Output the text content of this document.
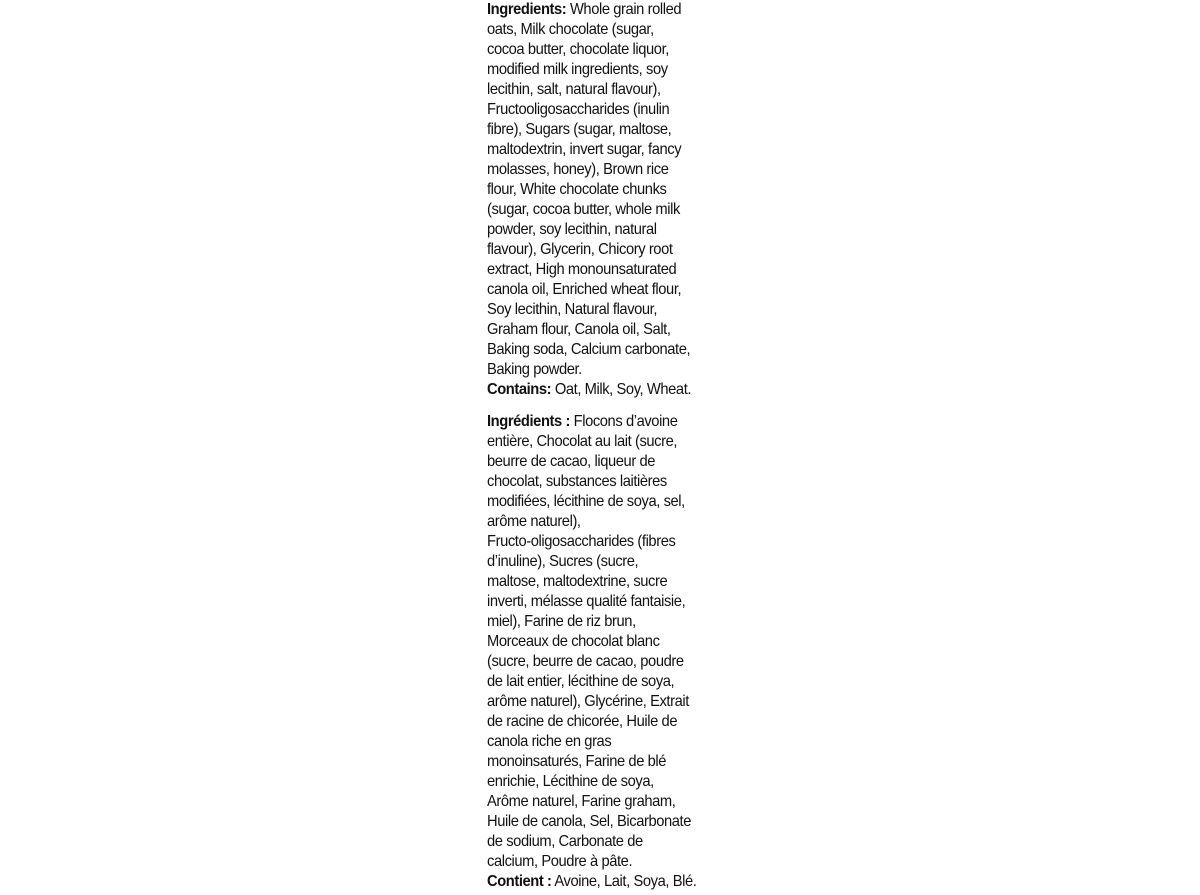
Ingredients: Whole grain rolled
oats, Milk chocolate (sugar,
cocoa butter, chocolate liquor,
modified milk ingredients, soy
lecithin, salt, natural flavour),
Fructooligosaccharides (inulin
fibre), Sugars (sugar, maltose,
maltodextrin, invert sugar, fancy
molasses, honey), Brown rice
flour, White chocolate chunks
(sugar, cocoa butter, whole milk
powder, soy lecithin, natural
flavour), Glycerin, Chicory root
extract, High monounsaturated
canola oil, Enriched wheat flour,
Soy lecithin, Natural flavour,
Graham flour, Canola oil, Salt,
Baking soda, Calcium carbonate,
Baking powder.
Contains: Oat, Milk, Soy, Wheat.
Ingrédients : Flocons d’avoine
entière, Chocolat au lait (sucre,
beurre de cacao, liqueur de
chocolat, substances laitières
modifiées, lécithine de soya, sel,
arôme naturel),
Fructo-oligosaccharides (fibres
d’inuline), Sucres (sucre,
maltose, maltodextrine, sucre
inverti, mélasse qualité fantaisie,
miel), Farine de riz brun,
Morceaux de chocolat blanc
(sucre, beurre de cacao, poudre
de lait entier, lécithine de soya,
arôme naturel), Glycérine, Extrait
de racine de chicorée, Huile de
canola riche en gras
monoinsaturés, Farine de blé
enrichie, Lécithine de soya,
Arôme naturel, Farine graham,
Huile de canola, Sel, Bicarbonate
de sodium, Carbonate de
calcium, Poudre à pâte.
Contient : Avoine, Lait, Soya, Blé.
